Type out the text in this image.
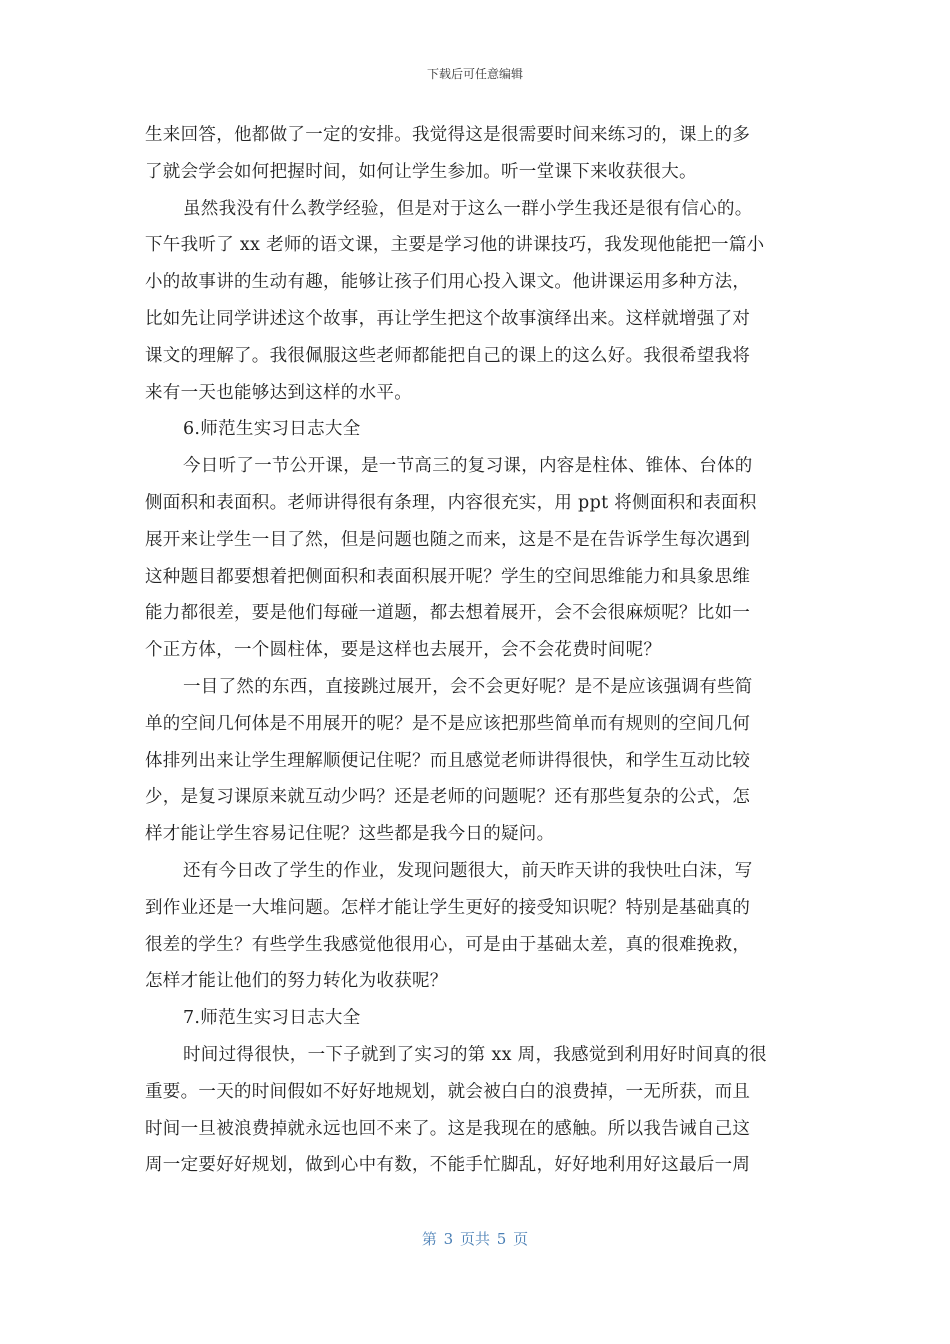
下载后可任意编辑

生来回答，他都做了一定的安排。我觉得这是很需要时间来练习的，课上的多
了就会学会如何把握时间，如何让学生参加。听一堂课下来收获很大。

虽然我没有什么教学经验，但是对于这么一群小学生我还是很有信心的。
下午我听了 xx 老师的语文课，主要是学习他的讲课技巧，我发现他能把一篇小
小的故事讲的生动有趣，能够让孩子们用心投入课文。他讲课运用多种方法，
比如先让同学讲述这个故事，再让学生把这个故事演绎出来。这样就增强了对
课文的理解了。我很佩服这些老师都能把自己的课上的这么好。我很希望我将
来有一天也能够达到这样的水平。

6.师范生实习日志大全

今日听了一节公开课，是一节高三的复习课，内容是柱体、锥体、台体的
侧面积和表面积。老师讲得很有条理，内容很充实，用 ppt 将侧面积和表面积
展开来让学生一目了然，但是问题也随之而来，这是不是在告诉学生每次遇到
这种题目都要想着把侧面积和表面积展开呢？学生的空间思维能力和具象思维
能力都很差，要是他们每碰一道题，都去想着展开，会不会很麻烦呢？比如一
个正方体，一个圆柱体，要是这样也去展开，会不会花费时间呢？

一目了然的东西，直接跳过展开，会不会更好呢？是不是应该强调有些简
单的空间几何体是不用展开的呢？是不是应该把那些简单而有规则的空间几何
体排列出来让学生理解顺便记住呢？而且感觉老师讲得很快，和学生互动比较
少，是复习课原来就互动少吗？还是老师的问题呢？还有那些复杂的公式，怎
样才能让学生容易记住呢？这些都是我今日的疑问。

还有今日改了学生的作业，发现问题很大，前天昨天讲的我快吐白沫，写
到作业还是一大堆问题。怎样才能让学生更好的接受知识呢？特别是基础真的
很差的学生？有些学生我感觉他很用心，可是由于基础太差，真的很难挽救，
怎样才能让他们的努力转化为收获呢？

7.师范生实习日志大全

时间过得很快，一下子就到了实习的第 xx 周，我感觉到利用好时间真的很
重要。一天的时间假如不好好地规划，就会被白白的浪费掉，一无所获，而且
时间一旦被浪费掉就永远也回不来了。这是我现在的感触。所以我告诫自己这
周一定要好好规划，做到心中有数，不能手忙脚乱，好好地利用好这最后一周

第 3 页共 5 页
